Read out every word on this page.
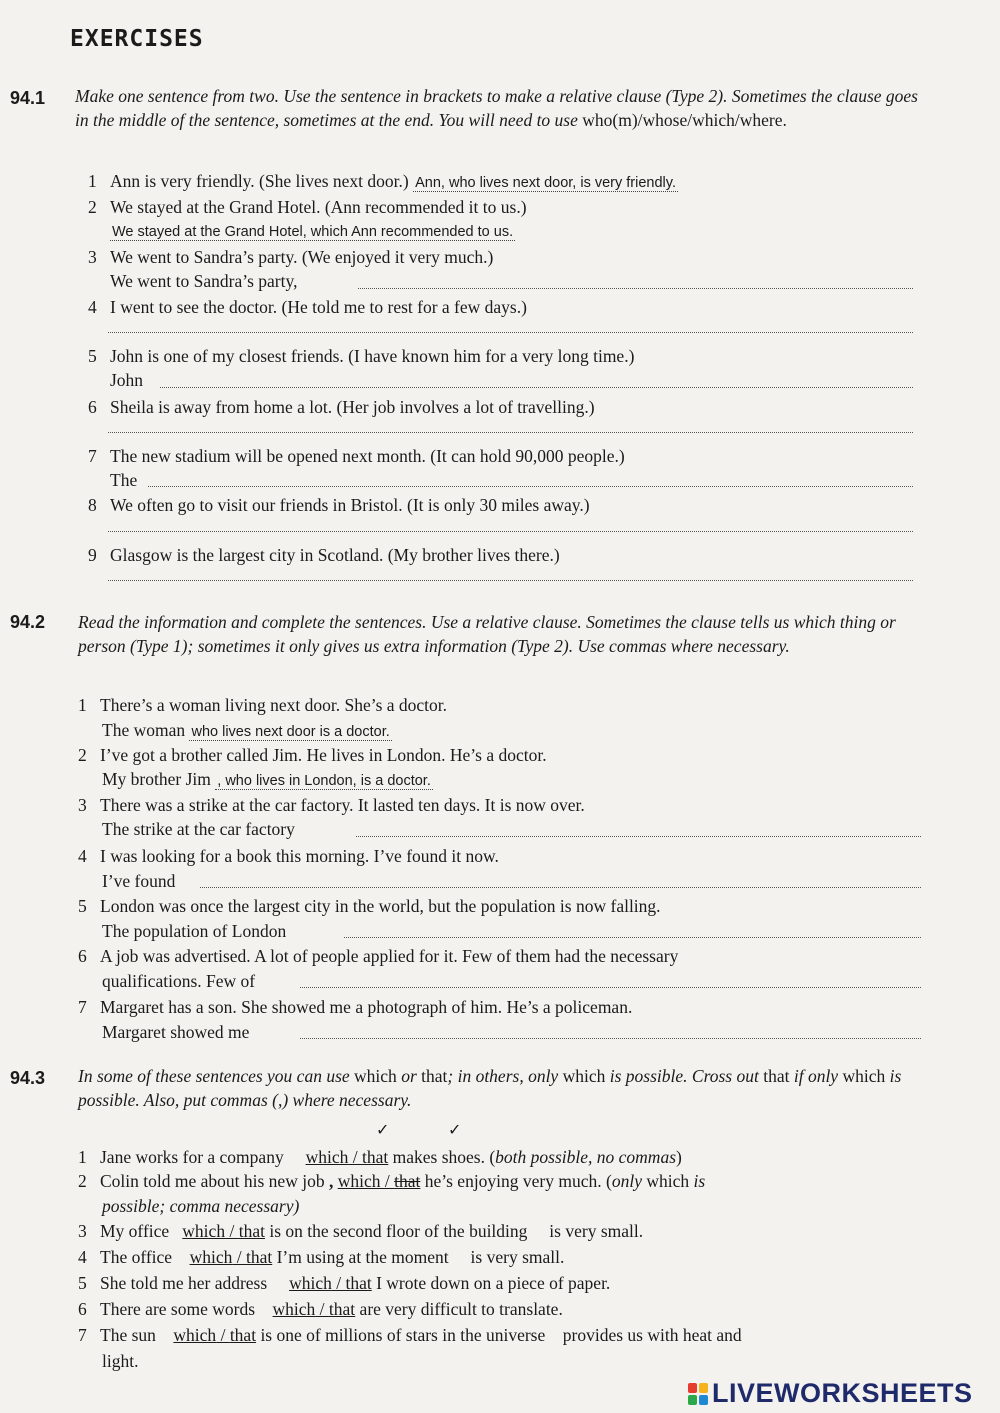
EXERCISES
94.1 Make one sentence from two. Use the sentence in brackets to make a relative clause (Type 2). Sometimes the clause goes in the middle of the sentence, sometimes at the end. You will need to use who(m)/whose/which/where.
1 Ann is very friendly. (She lives next door.) Ann, who lives next door, is very friendly.
2 We stayed at the Grand Hotel. (Ann recommended it to us.)
We stayed at the Grand Hotel, which Ann recommended to us.
3 We went to Sandra’s party. (We enjoyed it very much.)
We went to Sandra’s party,
4 I went to see the doctor. (He told me to rest for a few days.)
5 John is one of my closest friends. (I have known him for a very long time.)
John
6 Sheila is away from home a lot. (Her job involves a lot of travelling.)
7 The new stadium will be opened next month. (It can hold 90,000 people.)
The
8 We often go to visit our friends in Bristol. (It is only 30 miles away.)
9 Glasgow is the largest city in Scotland. (My brother lives there.)
94.2 Read the information and complete the sentences. Use a relative clause. Sometimes the clause tells us which thing or person (Type 1); sometimes it only gives us extra information (Type 2). Use commas where necessary.
1 There’s a woman living next door. She’s a doctor.
The woman who lives next door is a doctor.
2 I’ve got a brother called Jim. He lives in London. He’s a doctor.
My brother Jim , who lives in London, is a doctor.
3 There was a strike at the car factory. It lasted ten days. It is now over.
The strike at the car factory
4 I was looking for a book this morning. I’ve found it now.
I’ve found
5 London was once the largest city in the world, but the population is now falling.
The population of London
6 A job was advertised. A lot of people applied for it. Few of them had the necessary
qualifications. Few of
7 Margaret has a son. She showed me a photograph of him. He’s a policeman.
Margaret showed me
94.3 In some of these sentences you can use which or that; in others, only which is possible. Cross out that if only which is possible. Also, put commas (,) where necessary.
✓	✓
1 Jane works for a company which / that makes shoes. (both possible, no commas)
2 Colin told me about his new job , which / that he’s enjoying very much. (only which is
possible; comma necessary)
3 My office which / that is on the second floor of the building is very small.
4 The office which / that I’m using at the moment is very small.
5 She told me her address which / that I wrote down on a piece of paper.
6 There are some words which / that are very difficult to translate.
7 The sun which / that is one of millions of stars in the universe provides us with heat and
light.
LIVEWORKSHEETS
